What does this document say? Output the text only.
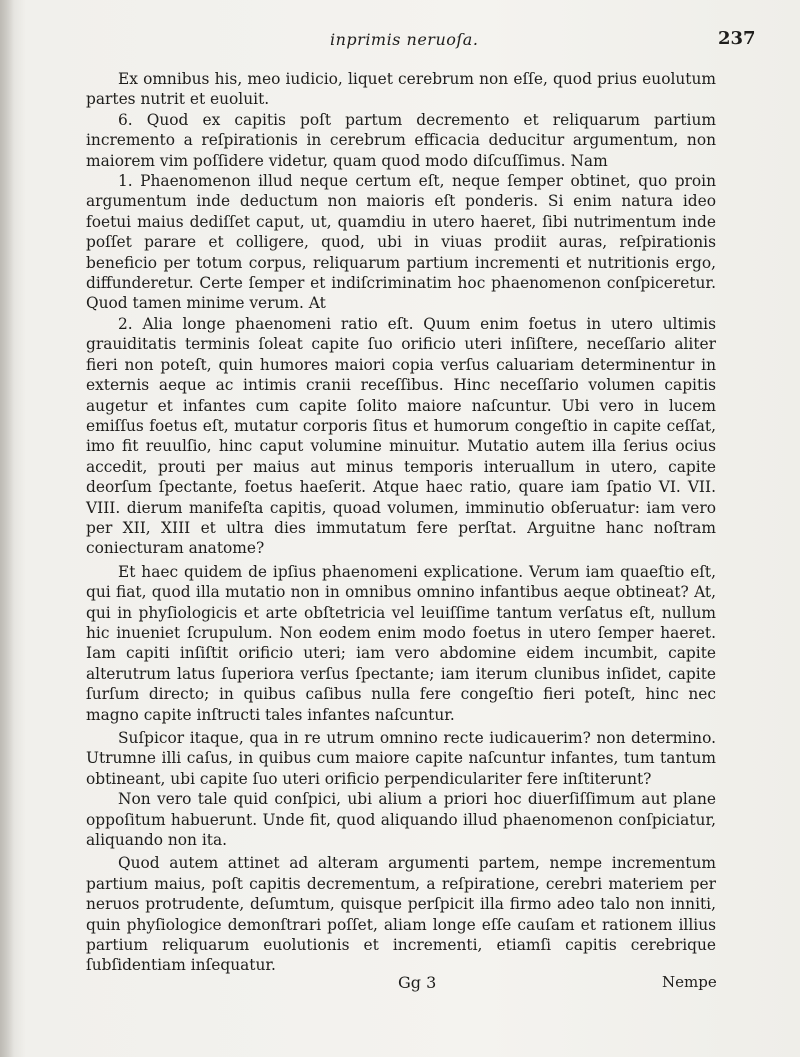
inprimis neruoſa.	237

Ex omnibus his, meo iudicio, liquet cerebrum non eſſe, quod prius euolutum partes nutrit et euoluit.

6. Quod ex capitis poſt partum decremento et reliquarum partium incremento a reſpirationis in cerebrum efficacia deducitur argumentum, non maiorem vim poſſidere videtur, quam quod modo diſcuſſimus. Nam

1. Phaenomenon illud neque certum eſt, neque ſemper obtinet, quo proin argumentum inde deductum non maioris eſt ponderis. Si enim natura ideo foetui maius dediſſet caput, ut, quamdiu in utero haeret, ſibi nutrimentum inde poſſet parare et colligere, quod, ubi in viuas prodiit auras, reſpirationis beneficio per totum corpus, reliquarum partium incrementi et nutritionis ergo, diffunderetur. Certe ſemper et indiſcriminatim hoc phaenomenon conſpiceretur. Quod tamen minime verum. At

2. Alia longe phaenomeni ratio eſt. Quum enim foetus in utero ultimis grauiditatis terminis ſoleat capite ſuo orificio uteri inſiſtere, neceſſario aliter fieri non poteſt, quin humores maiori copia verſus caluariam determinentur in externis aeque ac intimis cranii receſſibus. Hinc neceſſario volumen capitis augetur et infantes cum capite ſolito maiore naſcuntur. Ubi vero in lucem emiſſus foetus eſt, mutatur corporis ſitus et humorum congeſtio in capite ceſſat, imo fit reuulſio, hinc caput volumine minuitur. Mutatio autem illa ſerius ocius accedit, prouti per maius aut minus temporis interuallum in utero, capite deorſum ſpectante, foetus haeſerit. Atque haec ratio, quare iam ſpatio VI. VII. VIII. dierum manifeſta capitis, quoad volumen, imminutio obſeruatur: iam vero per XII, XIII et ultra dies immutatum fere perſtat. Arguitne hanc noſtram coniecturam anatome?

Et haec quidem de ipſius phaenomeni explicatione. Verum iam quaeſtio eſt, qui fiat, quod illa mutatio non in omnibus omnino infantibus aeque obtineat? At, qui in phyſiologicis et arte obſtetricia vel leuiſſime tantum verſatus eſt, nullum hic inueniet ſcrupulum. Non eodem enim modo foetus in utero ſemper haeret. Iam capiti inſiſtit orificio uteri; iam vero abdomine eidem incumbit, capite alterutrum latus ſuperiora verſus ſpectante; iam iterum clunibus inſidet, capite ſurſum directo; in quibus caſibus nulla fere congeſtio fieri poteſt, hinc nec magno capite inſtructi tales infantes naſcuntur.

Suſpicor itaque, qua in re utrum omnino recte iudicauerim? non determino. Utrumne illi caſus, in quibus cum maiore capite naſcuntur infantes, tum tantum obtineant, ubi capite ſuo uteri orificio perpendiculariter fere inſtiterunt?

Non vero tale quid conſpici, ubi alium a priori hoc diuerſiſſimum aut plane oppoſitum habuerunt. Unde fit, quod aliquando illud phaenomenon conſpiciatur, aliquando non ita.

Quod autem attinet ad alteram argumenti partem, nempe incrementum partium maius, poſt capitis decrementum, a reſpiratione, cerebri materiem per neruos protrudente, deſumtum, quisque perſpicit illa firmo adeo talo non inniti, quin phyſiologice demonſtrari poſſet, aliam longe eſſe cauſam et rationem illius partium reliquarum euolutionis et incrementi, etiamſi capitis cerebrique ſubſidentiam inſequatur.

Gg 3	Nempe
